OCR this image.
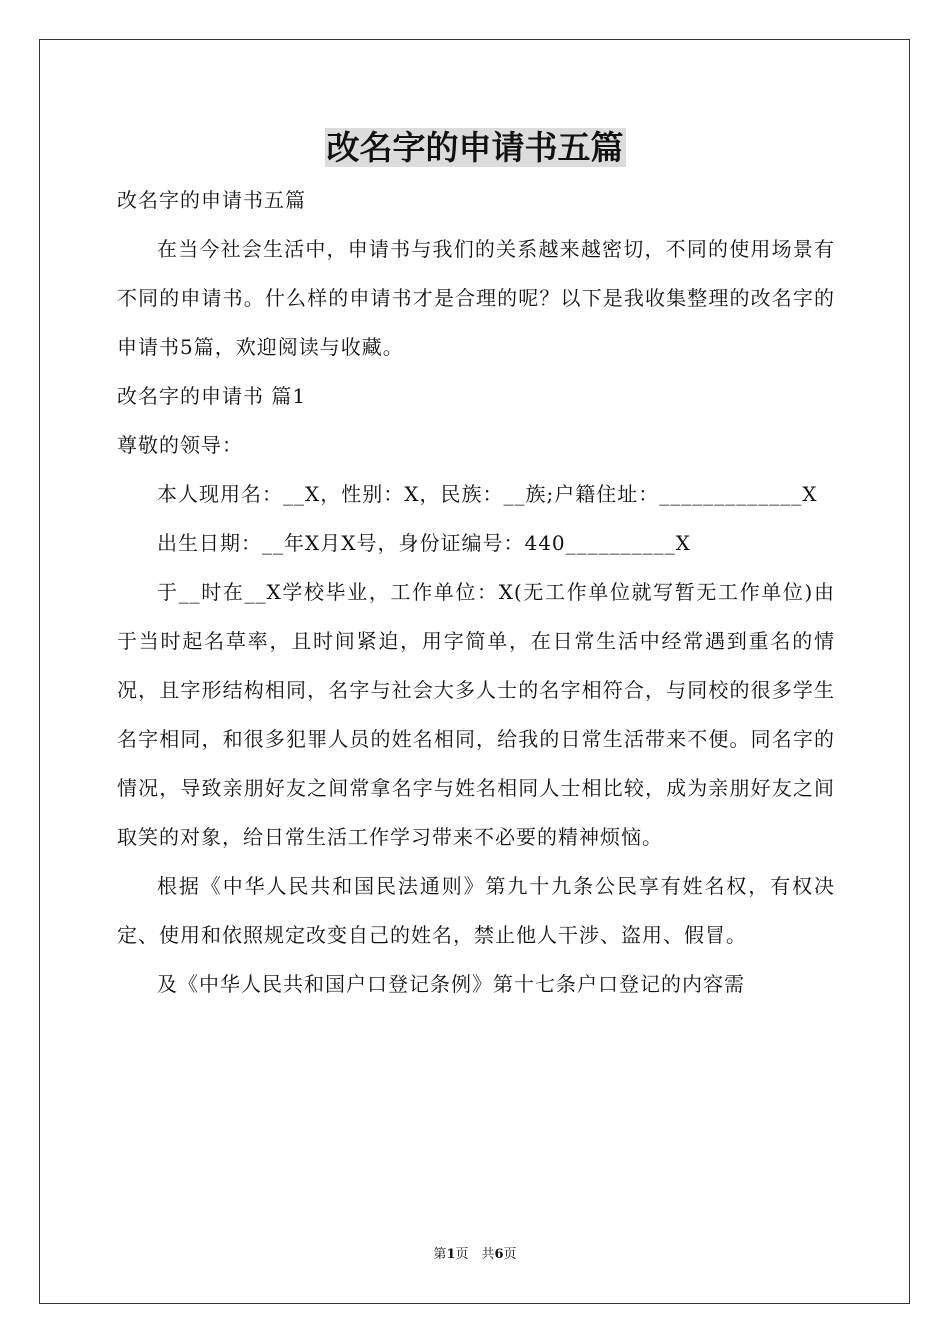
改名字的申请书五篇

改名字的申请书五篇

在当今社会生活中，申请书与我们的关系越来越密切，不同的使用场景有不同的申请书。什么样的申请书才是合理的呢？以下是我收集整理的改名字的申请书5篇，欢迎阅读与收藏。

改名字的申请书 篇1

尊敬的领导：

本人现用名：__X，性别：X，民族：__族;户籍住址：_____________X

出生日期：__年X月X号，身份证编号：440__________X

于__时在__X学校毕业，工作单位：X(无工作单位就写暂无工作单位)由于当时起名草率，且时间紧迫，用字简单，在日常生活中经常遇到重名的情况，且字形结构相同，名字与社会大多人士的名字相符合，与同校的很多学生名字相同，和很多犯罪人员的姓名相同，给我的日常生活带来不便。同名字的情况，导致亲朋好友之间常拿名字与姓名相同人士相比较，成为亲朋好友之间取笑的对象，给日常生活工作学习带来不必要的精神烦恼。

根据《中华人民共和国民法通则》第九十九条公民享有姓名权，有权决定、使用和依照规定改变自己的姓名，禁止他人干涉、盗用、假冒。

及《中华人民共和国户口登记条例》第十七条户口登记的内容需

第1页　共6页
